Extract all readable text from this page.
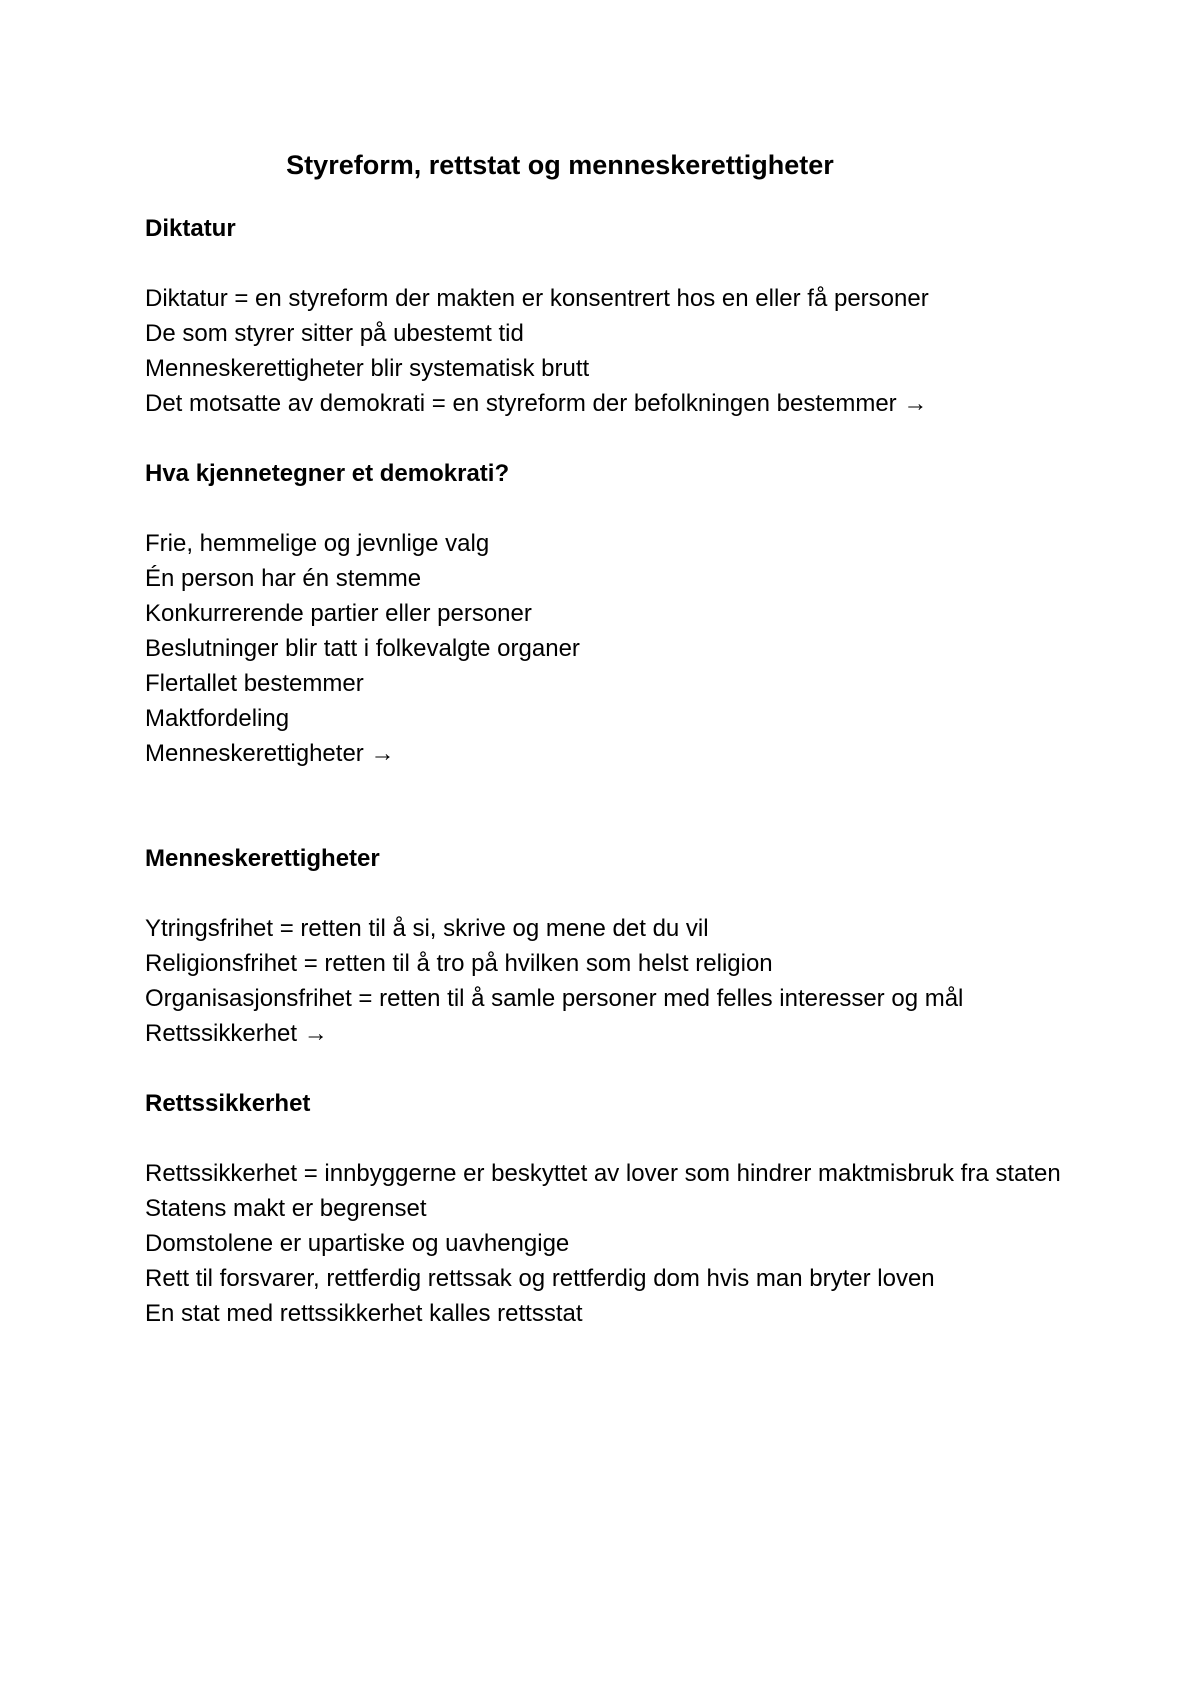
Styreform, rettstat og menneskerettigheter

Diktatur

Diktatur = en styreform der makten er konsentrert hos en eller få personer

De som styrer sitter på ubestemt tid

Menneskerettigheter blir systematisk brutt

Det motsatte av demokrati = en styreform der befolkningen bestemmer →

Hva kjennetegner et demokrati?

Frie, hemmelige og jevnlige valg

Én person har én stemme

Konkurrerende partier eller personer

Beslutninger blir tatt i folkevalgte organer

Flertallet bestemmer

Maktfordeling

Menneskerettigheter →

Menneskerettigheter

Ytringsfrihet = retten til å si, skrive og mene det du vil

Religionsfrihet = retten til å tro på hvilken som helst religion

Organisasjonsfrihet = retten til å samle personer med felles interesser og mål

Rettssikkerhet →

Rettssikkerhet

Rettssikkerhet = innbyggerne er beskyttet av lover som hindrer maktmisbruk fra staten

Statens makt er begrenset

Domstolene er upartiske og uavhengige

Rett til forsvarer, rettferdig rettssak og rettferdig dom hvis man bryter loven

En stat med rettssikkerhet kalles rettsstat
